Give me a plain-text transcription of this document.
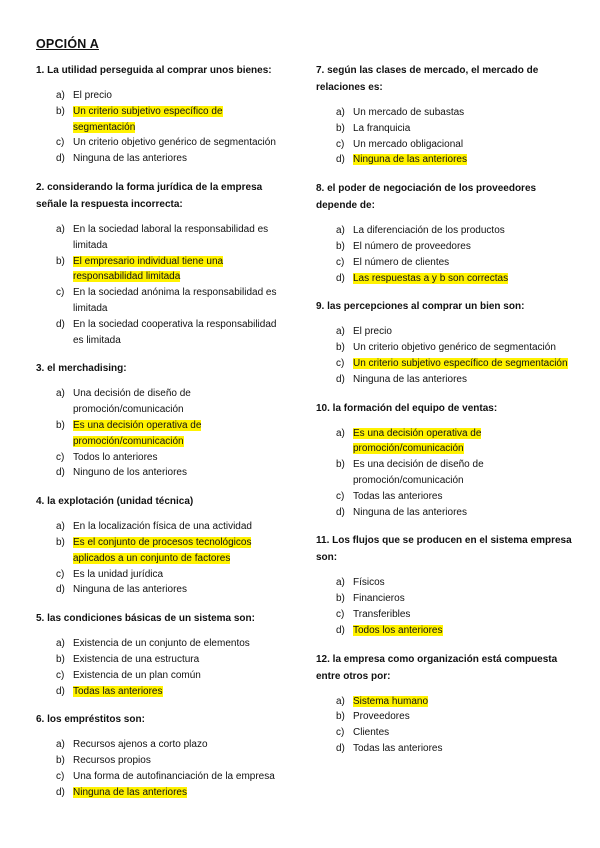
OPCIÓN A
1. La utilidad perseguida al comprar unos bienes:
a) El precio
b) Un criterio subjetivo específico de segmentación
c) Un criterio objetivo genérico de segmentación
d) Ninguna de las anteriores
2. considerando la forma jurídica de la empresa señale la respuesta incorrecta:
a) En la sociedad laboral la responsabilidad es limitada
b) El empresario individual tiene una responsabilidad limitada
c) En la sociedad anónima la responsabilidad es limitada
d) En la sociedad cooperativa la responsabilidad es limitada
3. el merchadising:
a) Una decisión de diseño de promoción/comunicación
b) Es una decisión operativa de promoción/comunicación
c) Todos lo anteriores
d) Ninguno de los anteriores
4. la explotación (unidad técnica)
a) En la localización física de una actividad
b) Es el conjunto de procesos tecnológicos aplicados a un conjunto de factores
c) Es la unidad jurídica
d) Ninguna de las anteriores
5. las condiciones básicas de un sistema son:
a) Existencia de un conjunto de elementos
b) Existencia de una estructura
c) Existencia de un plan común
d) Todas las anteriores
6. los empréstitos son:
a) Recursos ajenos a corto plazo
b) Recursos propios
c) Una forma de autofinanciación de la empresa
d) Ninguna de las anteriores
7. según las clases de mercado, el mercado de relaciones es:
a) Un mercado de subastas
b) La franquicia
c) Un mercado obligacional
d) Ninguna de las anteriores
8. el poder de negociación de los proveedores depende de:
a) La diferenciación de los productos
b) El número de proveedores
c) El número de clientes
d) Las respuestas a y b son correctas
9. las percepciones al comprar un bien son:
a) El precio
b) Un criterio objetivo genérico de segmentación
c) Un criterio subjetivo específico de segmentación
d) Ninguna de las anteriores
10. la formación del equipo de ventas:
a) Es una decisión operativa de promoción/comunicación
b) Es una decisión de diseño de promoción/comunicación
c) Todas las anteriores
d) Ninguna de las anteriores
11. Los flujos que se producen en el sistema empresa son:
a) Físicos
b) Financieros
c) Transferibles
d) Todos los anteriores
12. la empresa como organización está compuesta entre otros por:
a) Sistema humano
b) Proveedores
c) Clientes
d) Todas las anteriores
